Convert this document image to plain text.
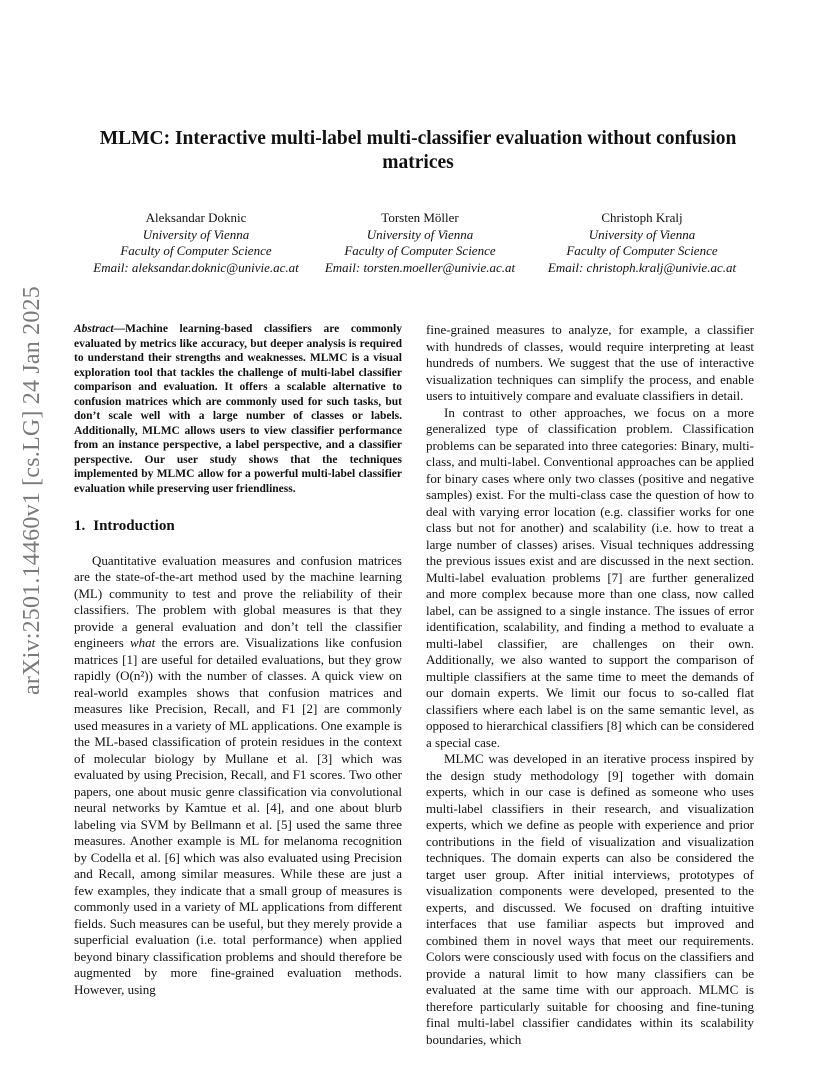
arXiv:2501.14460v1 [cs.LG] 24 Jan 2025
MLMC: Interactive multi-label multi-classifier evaluation without confusion matrices
Aleksandar Doknic
University of Vienna
Faculty of Computer Science
Email: aleksandar.doknic@univie.ac.at
Torsten Möller
University of Vienna
Faculty of Computer Science
Email: torsten.moeller@univie.ac.at
Christoph Kralj
University of Vienna
Faculty of Computer Science
Email: christoph.kralj@univie.ac.at

Abstract—Machine learning-based classifiers are commonly evaluated by metrics like accuracy, but deeper analysis is required to understand their strengths and weaknesses. MLMC is a visual exploration tool that tackles the challenge of multi-label classifier comparison and evaluation. It offers a scalable alternative to confusion matrices which are commonly used for such tasks, but don’t scale well with a large number of classes or labels. Additionally, MLMC allows users to view classifier performance from an instance perspective, a label perspective, and a classifier perspective. Our user study shows that the techniques implemented by MLMC allow for a powerful multi-label classifier evaluation while preserving user friendliness.

1. Introduction

Quantitative evaluation measures and confusion matrices are the state-of-the-art method used by the machine learning (ML) community to test and prove the reliability of their classifiers. The problem with global measures is that they provide a general evaluation and don’t tell the classifier engineers what the errors are. Visualizations like confusion matrices [1] are useful for detailed evaluations, but they grow rapidly (O(n²)) with the number of classes. A quick view on real-world examples shows that confusion matrices and measures like Precision, Recall, and F1 [2] are commonly used measures in a variety of ML applications. One example is the ML-based classification of protein residues in the context of molecular biology by Mullane et al. [3] which was evaluated by using Precision, Recall, and F1 scores. Two other papers, one about music genre classification via convolutional neural networks by Kamtue et al. [4], and one about blurb labeling via SVM by Bellmann et al. [5] used the same three measures. Another example is ML for melanoma recognition by Codella et al. [6] which was also evaluated using Precision and Recall, among similar measures. While these are just a few examples, they indicate that a small group of measures is commonly used in a variety of ML applications from different fields. Such measures can be useful, but they merely provide a superficial evaluation (i.e. total performance) when applied beyond binary classification problems and should therefore be augmented by more fine-grained evaluation methods. However, using

fine-grained measures to analyze, for example, a classifier with hundreds of classes, would require interpreting at least hundreds of numbers. We suggest that the use of interactive visualization techniques can simplify the process, and enable users to intuitively compare and evaluate classifiers in detail.

In contrast to other approaches, we focus on a more generalized type of classification problem. Classification problems can be separated into three categories: Binary, multi-class, and multi-label. Conventional approaches can be applied for binary cases where only two classes (positive and negative samples) exist. For the multi-class case the question of how to deal with varying error location (e.g. classifier works for one class but not for another) and scalability (i.e. how to treat a large number of classes) arises. Visual techniques addressing the previous issues exist and are discussed in the next section. Multi-label evaluation problems [7] are further generalized and more complex because more than one class, now called label, can be assigned to a single instance. The issues of error identification, scalability, and finding a method to evaluate a multi-label classifier, are challenges on their own. Additionally, we also wanted to support the comparison of multiple classifiers at the same time to meet the demands of our domain experts. We limit our focus to so-called flat classifiers where each label is on the same semantic level, as opposed to hierarchical classifiers [8] which can be considered a special case.

MLMC was developed in an iterative process inspired by the design study methodology [9] together with domain experts, which in our case is defined as someone who uses multi-label classifiers in their research, and visualization experts, which we define as people with experience and prior contributions in the field of visualization and visualization techniques. The domain experts can also be considered the target user group. After initial interviews, prototypes of visualization components were developed, presented to the experts, and discussed. We focused on drafting intuitive interfaces that use familiar aspects but improved and combined them in novel ways that meet our requirements. Colors were consciously used with focus on the classifiers and provide a natural limit to how many classifiers can be evaluated at the same time with our approach. MLMC is therefore particularly suitable for choosing and fine-tuning final multi-label classifier candidates within its scalability boundaries, which
